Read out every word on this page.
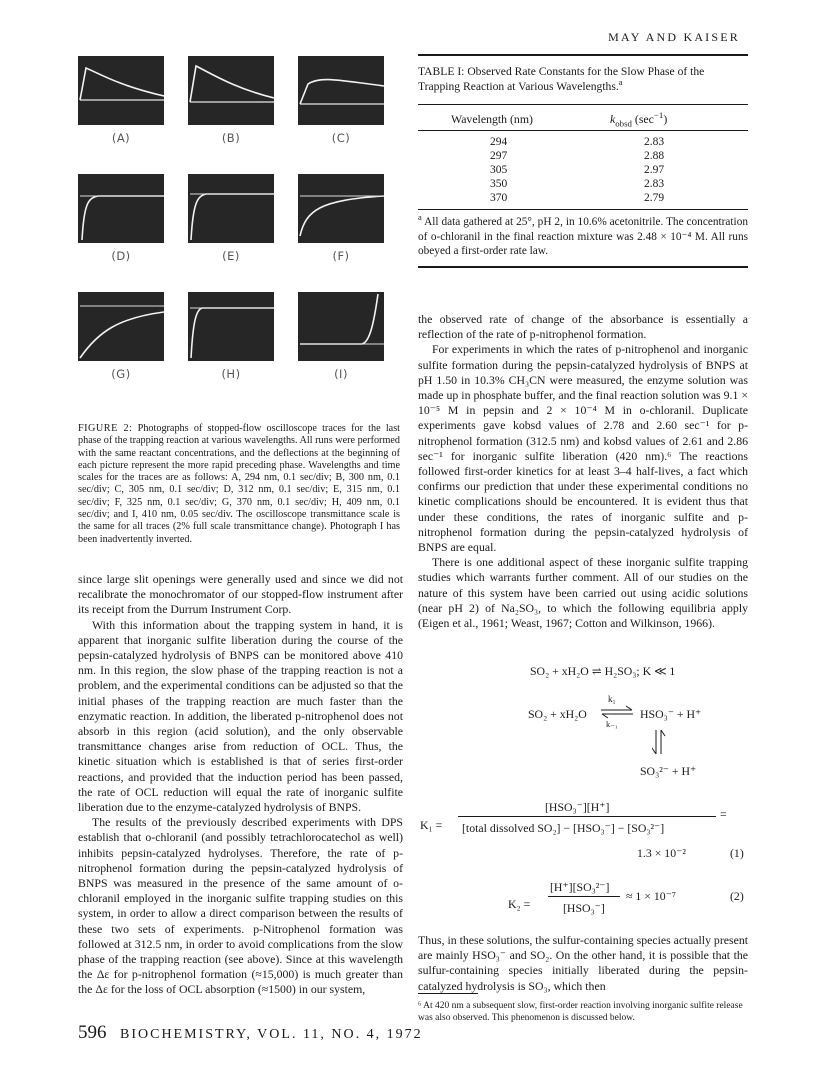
MAY AND KAISER
(A)	(B)	(C)
(D)	(E)	(F)
(G)	(H)	(I)
FIGURE 2: Photographs of stopped-flow oscilloscope traces for the last phase of the trapping reaction at various wavelengths. All runs were performed with the same reactant concentrations, and the deflections at the beginning of each picture represent the more rapid preceding phase. Wavelengths and time scales for the traces are as follows: A, 294 nm, 0.1 sec/div; B, 300 nm, 0.1 sec/div; C, 305 nm, 0.1 sec/div; D, 312 nm, 0.1 sec/div; E, 315 nm, 0.1 sec/div; F, 325 nm, 0.1 sec/div; G, 370 nm, 0.1 sec/div; H, 409 nm, 0.1 sec/div; and I, 410 nm, 0.05 sec/div. The oscilloscope transmittance scale is the same for all traces (2% full scale transmittance change). Photograph I has been inadvertently inverted.

since large slit openings were generally used and since we did not recalibrate the monochromator of our stopped-flow instrument after its receipt from the Durrum Instrument Corp.

With this information about the trapping system in hand, it is apparent that inorganic sulfite liberation during the course of the pepsin-catalyzed hydrolysis of BNPS can be monitored above 410 nm. In this region, the slow phase of the trapping reaction is not a problem, and the experimental conditions can be adjusted so that the initial phases of the trapping reaction are much faster than the enzymatic reaction. In addition, the liberated p-nitrophenol does not absorb in this region (acid solution), and the only observable transmittance changes arise from reduction of OCL. Thus, the kinetic situation which is established is that of series first-order reactions, and provided that the induction period has been passed, the rate of OCL reduction will equal the rate of inorganic sulfite liberation due to the enzyme-catalyzed hydrolysis of BNPS.

The results of the previously described experiments with DPS establish that o-chloranil (and possibly tetrachlorocatechol as well) inhibits pepsin-catalyzed hydrolyses. Therefore, the rate of p-nitrophenol formation during the pepsin-catalyzed hydrolysis of BNPS was measured in the presence of the same amount of o-chloranil employed in the inorganic sulfite trapping studies on this system, in order to allow a direct comparison between the results of these two sets of experiments. p-Nitrophenol formation was followed at 312.5 nm, in order to avoid complications from the slow phase of the trapping reaction (see above). Since at this wavelength the Δε for p-nitrophenol formation (≈15,000) is much greater than the Δε for the loss of OCL absorption (≈1500) in our system,

TABLE I: Observed Rate Constants for the Slow Phase of the Trapping Reaction at Various Wavelengths.$^a$
Wavelength (nm)	$k_{obsd}$ $(\sec^{-1})$
294	2.83
297	2.88
305	2.97
350	2.83
370	2.79
$^a$ All data gathered at 25°, pH 2, in 10.6% acetonitrile. The concentration of o-chloranil in the final reaction mixture was 2.48 × 10⁻⁴ M. All runs obeyed a first-order rate law.

the observed rate of change of the absorbance is essentially a reflection of the rate of p-nitrophenol formation.

For experiments in which the rates of p-nitrophenol and inorganic sulfite formation during the pepsin-catalyzed hydrolysis of BNPS at pH 1.50 in 10.3% CH₃CN were measured, the enzyme solution was made up in phosphate buffer, and the final reaction solution was 9.1 × 10⁻⁵ M in pepsin and 2 × 10⁻⁴ M in o-chloranil. Duplicate experiments gave kobsd values of 2.78 and 2.60 sec⁻¹ for p-nitrophenol formation (312.5 nm) and kobsd values of 2.61 and 2.86 sec⁻¹ for inorganic sulfite liberation (420 nm).⁶ The reactions followed first-order kinetics for at least 3–4 half-lives, a fact which confirms our prediction that under these experimental conditions no kinetic complications should be encountered. It is evident thus that under these conditions, the rates of inorganic sulfite and p-nitrophenol formation during the pepsin-catalyzed hydrolysis of BNPS are equal.

There is one additional aspect of these inorganic sulfite trapping studies which warrants further comment. All of our studies on the nature of this system have been carried out using acidic solutions (near pH 2) of Na₂SO₃, to which the following equilibria apply (Eigen et al., 1961; Weast, 1967; Cotton and Wilkinson, 1966).

SO₂ + xH₂O ⇌ H₂SO₃; K ≪ 1
SO₂ + xH₂O
k₁
k₋₁
HSO₃⁻ + H⁺
SO₃²⁻ + H⁺
K₁ =
[HSO₃⁻][H⁺]
[total dissolved SO₂] − [HSO₃⁻] − [SO₃²⁻]
=
1.3 × 10⁻²	(1)
K₂ =
[H⁺][SO₃²⁻]
[HSO₃⁻]
≈ 1 × 10⁻⁷	(2)

Thus, in these solutions, the sulfur-containing species actually present are mainly HSO₃⁻ and SO₂. On the other hand, it is possible that the sulfur-containing species initially liberated during the pepsin-catalyzed hydrolysis is SO₃, which then

⁶ At 420 nm a subsequent slow, first-order reaction involving inorganic sulfite release was also observed. This phenomenon is discussed below.
596 BIOCHEMISTRY, VOL. 11, NO. 4, 1972
